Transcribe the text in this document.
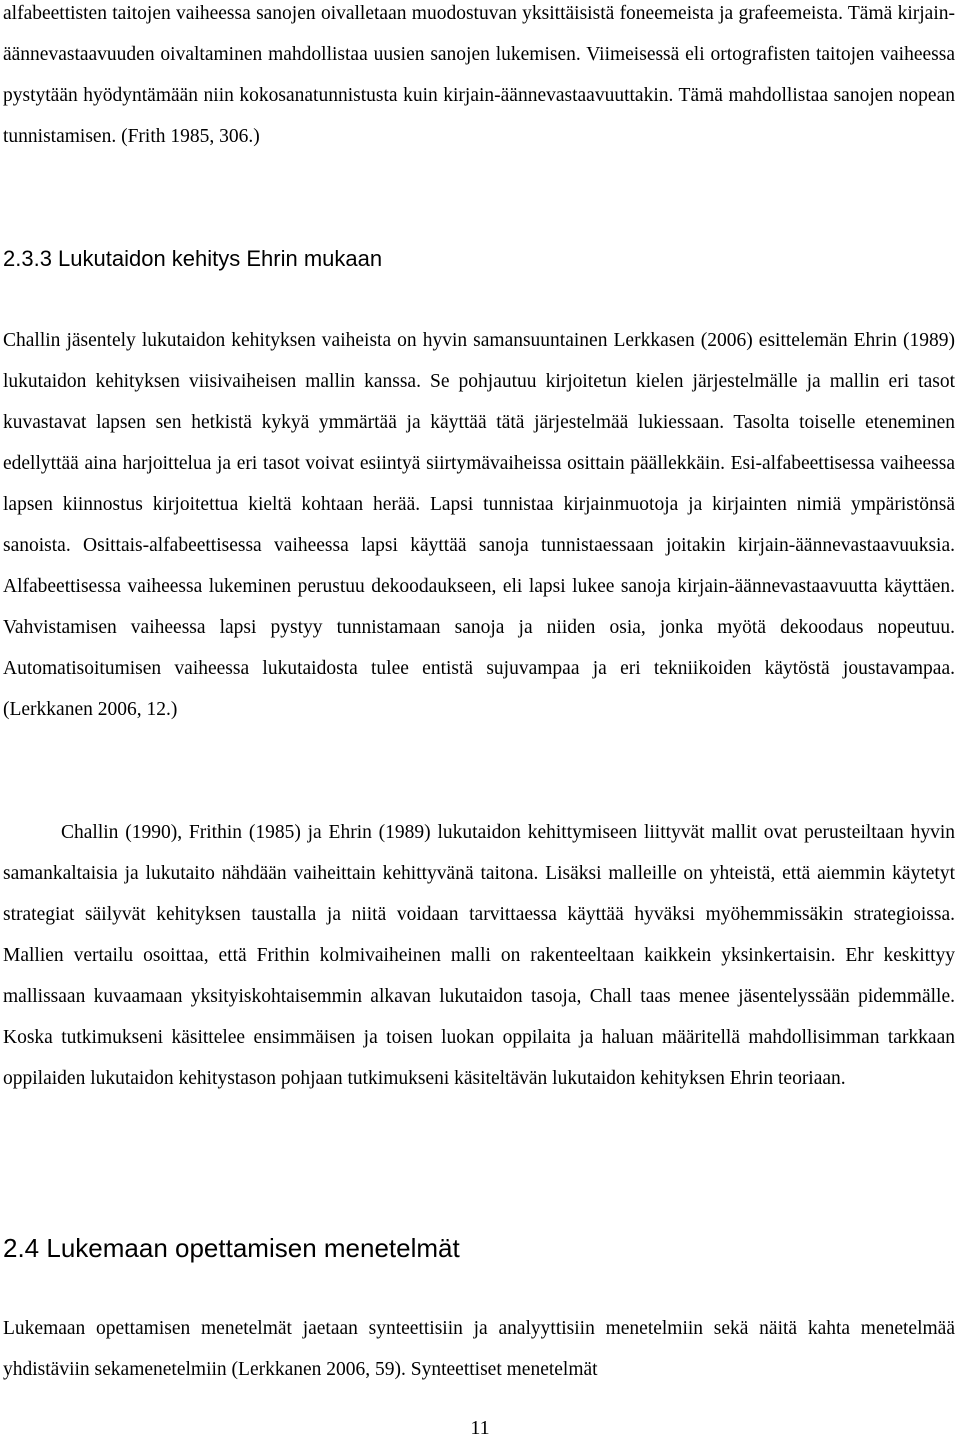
alfabeettisten taitojen vaiheessa sanojen oivalletaan muodostuvan yksittäisistä foneemeista ja grafeemeista. Tämä kirjain-äännevastaavuuden oivaltaminen mahdollistaa uusien sanojen lukemisen. Viimeisessä eli ortografisten taitojen vaiheessa pystytään hyödyntämään niin kokosanatunnistusta kuin kirjain-äännevastaavuuttakin. Tämä mahdollistaa sanojen nopean tunnistamisen. (Frith 1985, 306.)

2.3.3 Lukutaidon kehitys Ehrin mukaan

Challin jäsentely lukutaidon kehityksen vaiheista on hyvin samansuuntainen Lerkkasen (2006) esittelemän Ehrin (1989) lukutaidon kehityksen viisivaiheisen mallin kanssa. Se pohjautuu kirjoitetun kielen järjestelmälle ja mallin eri tasot kuvastavat lapsen sen hetkistä kykyä ymmärtää ja käyttää tätä järjestelmää lukiessaan. Tasolta toiselle eteneminen edellyttää aina harjoittelua ja eri tasot voivat esiintyä siirtymävaiheissa osittain päällekkäin. Esi-alfabeettisessa vaiheessa lapsen kiinnostus kirjoitettua kieltä kohtaan herää. Lapsi tunnistaa kirjainmuotoja ja kirjainten nimiä ympäristönsä sanoista. Osittais-alfabeettisessa vaiheessa lapsi käyttää sanoja tunnistaessaan joitakin kirjain-äännevastaavuuksia. Alfabeettisessa vaiheessa lukeminen perustuu dekoodaukseen, eli lapsi lukee sanoja kirjain-äännevastaavuutta käyttäen. Vahvistamisen vaiheessa lapsi pystyy tunnistamaan sanoja ja niiden osia, jonka myötä dekoodaus nopeutuu. Automatisoitumisen vaiheessa lukutaidosta tulee entistä sujuvampaa ja eri tekniikoiden käytöstä joustavampaa. (Lerkkanen 2006, 12.)

Challin (1990), Frithin (1985) ja Ehrin (1989) lukutaidon kehittymiseen liittyvät mallit ovat perusteiltaan hyvin samankaltaisia ja lukutaito nähdään vaiheittain kehittyvänä taitona. Lisäksi malleille on yhteistä, että aiemmin käytetyt strategiat säilyvät kehityksen taustalla ja niitä voidaan tarvittaessa käyttää hyväksi myöhemmissäkin strategioissa. Mallien vertailu osoittaa, että Frithin kolmivaiheinen malli on rakenteeltaan kaikkein yksinkertaisin. Ehr keskittyy mallissaan kuvaamaan yksityiskohtaisemmin alkavan lukutaidon tasoja, Chall taas menee jäsentelyssään pidemmälle. Koska tutkimukseni käsittelee ensimmäisen ja toisen luokan oppilaita ja haluan määritellä mahdollisimman tarkkaan oppilaiden lukutaidon kehitystason pohjaan tutkimukseni käsiteltävän lukutaidon kehityksen Ehrin teoriaan.

2.4 Lukemaan opettamisen menetelmät

Lukemaan opettamisen menetelmät jaetaan synteettisiin ja analyyttisiin menetelmiin sekä näitä kahta menetelmää yhdistäviin sekamenetelmiin (Lerkkanen 2006, 59). Synteettiset menetelmät

11
